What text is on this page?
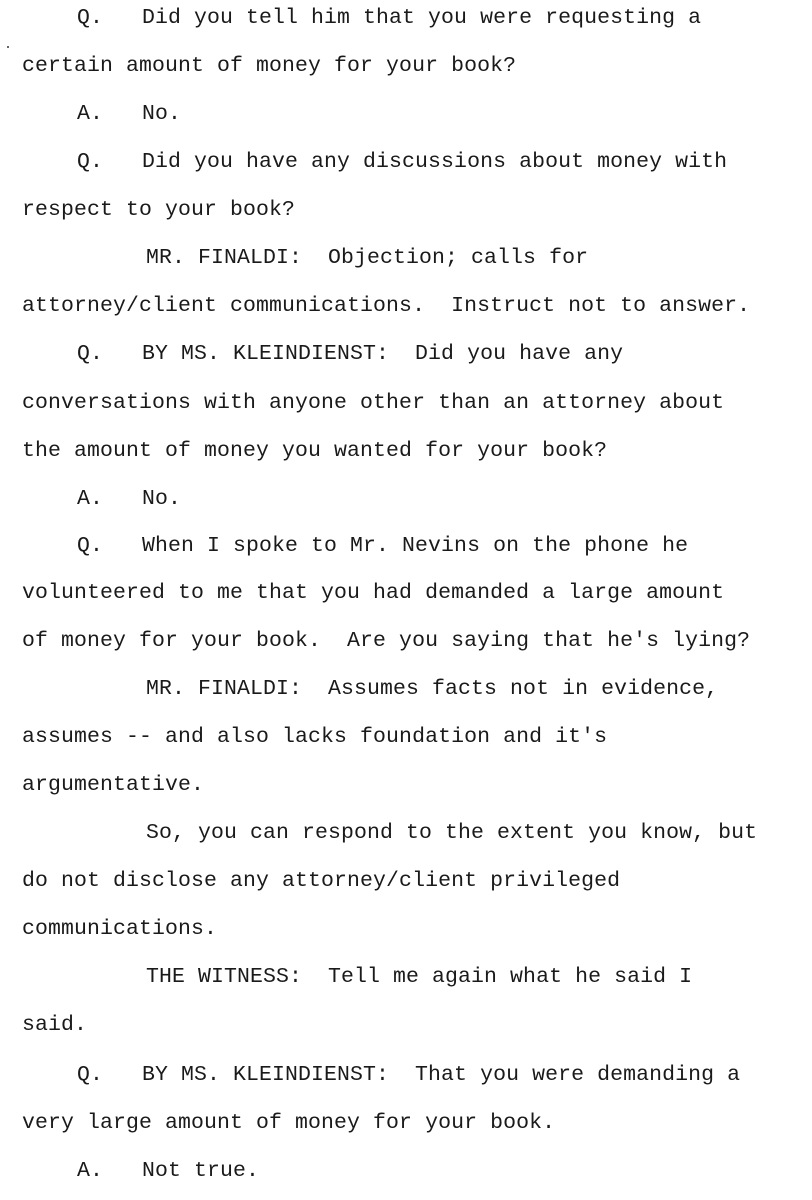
Q.   Did you tell him that you were requesting a
certain amount of money for your book?
A.   No.
Q.   Did you have any discussions about money with
respect to your book?
MR. FINALDI:  Objection; calls for
attorney/client communications.  Instruct not to answer.
Q.   BY MS. KLEINDIENST:  Did you have any
conversations with anyone other than an attorney about
the amount of money you wanted for your book?
A.   No.
Q.   When I spoke to Mr. Nevins on the phone he
volunteered to me that you had demanded a large amount
of money for your book.  Are you saying that he's lying?
MR. FINALDI:  Assumes facts not in evidence,
assumes -- and also lacks foundation and it's
argumentative.
So, you can respond to the extent you know, but
do not disclose any attorney/client privileged
communications.
THE WITNESS:  Tell me again what he said I
said.
Q.   BY MS. KLEINDIENST:  That you were demanding a
very large amount of money for your book.
A.   Not true.
